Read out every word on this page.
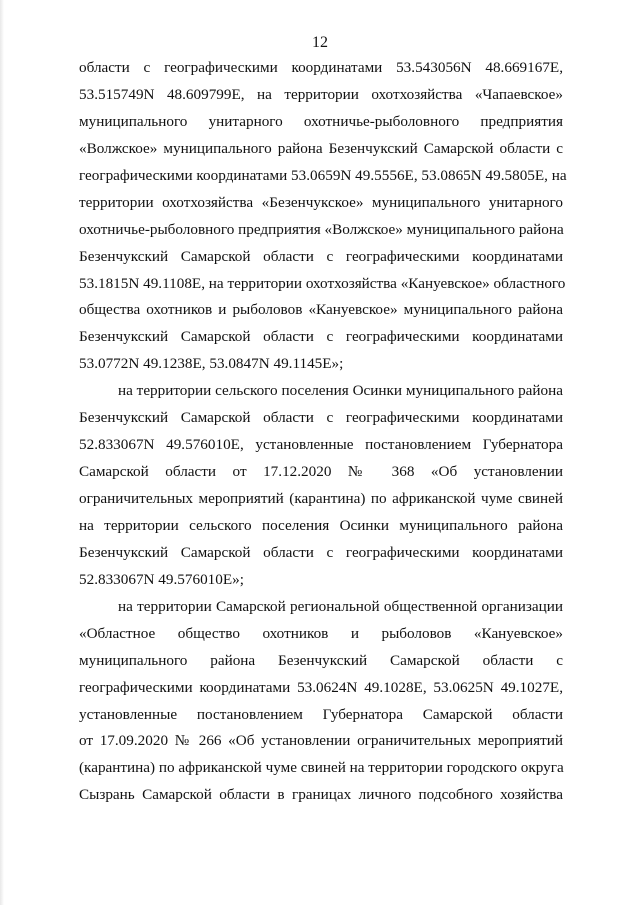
12
области с географическими координатами 53.543056N 48.669167E,
53.515749N 48.609799E, на территории охотхозяйства «Чапаевское»
муниципального унитарного охотничье-рыболовного предприятия
«Волжское» муниципального района Безенчукский Самарской области с
географическими координатами 53.0659N 49.5556E, 53.0865N 49.5805E, на
территории охотхозяйства «Безенчукское» муниципального унитарного
охотничье-рыболовного предприятия «Волжское» муниципального района
Безенчукский Самарской области с географическими координатами
53.1815N 49.1108E, на территории охотхозяйства «Кануевское» областного
общества охотников и рыболовов «Кануевское» муниципального района
Безенчукский Самарской области с географическими координатами
53.0772N 49.1238E, 53.0847N 49.1145E»;
на территории сельского поселения Осинки муниципального района
Безенчукский Самарской области с географическими координатами
52.833067N 49.576010E, установленные постановлением Губернатора
Самарской области от 17.12.2020 № 368 «Об установлении
ограничительных мероприятий (карантина) по африканской чуме свиней
на территории сельского поселения Осинки муниципального района
Безенчукский Самарской области с географическими координатами
52.833067N 49.576010E»;
на территории Самарской региональной общественной организации
«Областное общество охотников и рыболовов «Кануевское»
муниципального района Безенчукский Самарской области с
географическими координатами 53.0624N 49.1028E, 53.0625N 49.1027E,
установленные постановлением Губернатора Самарской области
от 17.09.2020 № 266 «Об установлении ограничительных мероприятий
(карантина) по африканской чуме свиней на территории городского округа
Сызрань Самарской области в границах личного подсобного хозяйства
